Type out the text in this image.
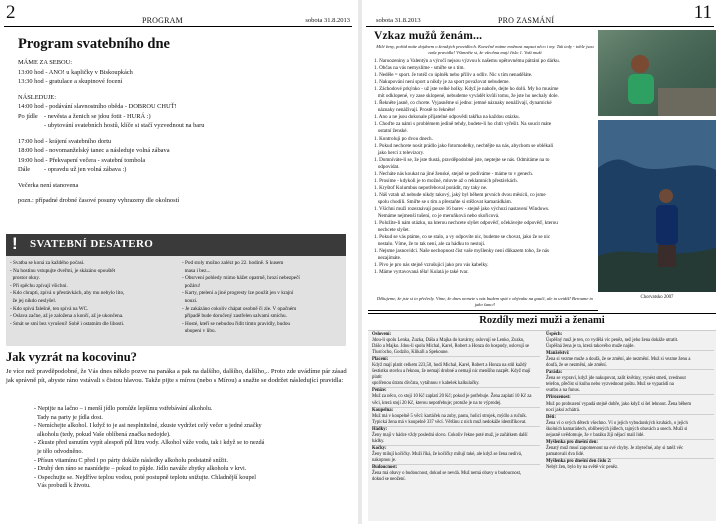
2	PROGRAM	sobota 31.8.2013
Program svatebního dne
MÁME ZA SEBOU:
13:00 hod - ANO! u kapličky v Biskoupkách
13:30 hod - gratulace a skupinové focení
NÁSLEDUJE:
14:00 hod - podávání slavnostního oběda - DOBROU CHUŤ!
Po jídle - nevěsta a ženich se jdou fotit - HURÁ :)
- ubytování svatebních hostů, klíče si stačí vyzvednout na baru
17:00 hod - krájení svatebního dortu
18:00 hod - novomanželský tanec a následuje volná zábava
19:00 hod - Překvapení večera - svatební tombola
Dále - opravdu už jen volná zábava :)
Večerka není stanovena
pozn.: případné drobné časové posuny vyhrazeny dle okolností
! SVATEBNÍ DESATERO
- Svatba se koná za každého počasí.
- Na hostinu vstupujte dveřmi, je skázáno opouštět
prostor okny.
- Při spěchu zpívají všichni.
- Kdo chrapti, zpívá o přestávkách, aby mu nebylo líto,
že jej nikdo neslyšel.
- Kdo spívá falešně, ten spívá na WC.
- Oslava začne, až je založena a končí, až je ukončena.
- Smát se smí bez vyrušení! Sobě i ostatním dle libosti.
- Pod stoly možno zalézt po 22. hodině. S kusem
masa i bez...
- Obsrvení pohledy mimo hážet opatrně, hrozí nebezpečí
požáru!
- Karty, ptelení a jiné progresty lze použít jen v krajní
nouzi.
- Je zakázáno cokoliv chápat osobně či zle. V opačném
případě bude doručený zastřelen salvami smíchu.
- Hosté, kteří se nebudou řídit tímto pravidly, budou
ubopeni v libu.
Jak vyzrát na kocovinu?

Je více než pravděpodobné, že Vás dnes někdo pozve na panáka a pak na dalšího, dalšího, dalšího,.. Proto zde uvádíme pár zásad jak správně pít, abyste ráno vstávali s čistou hlavou. Takže pijte s mírou (nebo s Mírou) a snažte se dodržet následující pravidla:

- Nepijte na lačno – i menší jídlo pomůže lepšímu vstřebávání alkoholu.
Tady na party je jídla dost.
- Nemíchejte alkohol. I když to je asi nesplnitelné, zkuste vydržet celý večer u jedné značky
alkoholu (tedy, pokud Vaše oblíbená značka nedojde).
- Zkuste před usnutím vypít alespoň půl litru vody. Alkohol váže vodu, tak i když se to nezdá
je tělo odvodněno.
- Přísun vitamínu C před i po párty dokáže následky alkoholu podstatně snížit.
- Druhý den ráno se nasnídejte – pokud to půjde. Jídlo naváže zbytky alkoholu v krvi.
- Ospechujte se. Nejdříve teplou vodou, poté postupně teplotu snižujte. Chladnější koupel
Vás probudí k životu.
sobota 31.8.2013	PRO ZASMÁNÍ	11
Vzkaz mužů ženám...

Milé ženy, pořád máte dojdnem o ženských pravidlech. Konečně máme možnost napsat něco i my. Tak tedy - tohle jsou naše pravidla! Všimněte si, že všechna mají číslo 1. Vaši muži

1. Naroozeniny a Valentýn a výročí nejsou výzvou k našemu opětovnému pátrání po dárku.
1. Občas na vás nemyslíme - smiřte se s tím.
1. Neděle = sport. Je totéž co úplněk nebo příliv a odliv. Nic s tím nenaděláte.
1. Nakupování není sport a nikdy je za sport považovat nebudeme.
1. Záchodové prkýnko - už jste velké holky. Když je nahoře, dejte ho dolů. My ho musíme
mít odklopené, vy zase sklopené, nebudeme vyvádět kvůli tomu, že jste ho nechaly dole.
1. Řekněte jasně, co chcete. Vyjasněme si jedno: jemné náznaky nenáživají, dynamické
náznaky nenáživají. Prostě to řekněte!
1. Ano a ne jsou dokonale přijatelné odpovědi takřka na každou otázku.
1. Choďte za námi s problémem jedině tehdy, budete-li ho chtít vyřešit. Na soucit máte
ostatní ženské.
1. Kontroluji po dvou dnech.
1. Pokud nechcete nosit prádlo jako fotomodelky, nechtějte na nás, abychom se oblékali
jako herci z televizory.
1. Domníváte-li se, že jste tlustá, pravděpodobně jste, neptejte se nás. Odmítáme na to
odpovídat.
1. Necháte nás koukat na jiné ženské, stejně se podíváme - máme to v genech.
1. Prosíme - kdykoli je to možné, mluvte až o reklamních přestávkách.
1. Kryštof Kolumbus nepotřeboval porádit, my taky ne.
1. Náš vztah už nebude nikdy takový, jaký byl během prvních dvou měsíců, co jsme
spolu chodili. Smiřte se s tím a přestaňte si stěžovat kamarádkám.
1. Všichni muži rozeznávají pouze 16 barev - stejně jako výchozí nastavení Windows.
Nemáme nejmenší tušení, co je meruňková nebo skořicová.
1. Položíte-li nám otázku, na kterou nechcete slyšet odpověď, očekávejte odpověď, kterou
nechcete slyšet.
1. Pokud se vás ptáme, co se stalo, a vy odpovíte nic, budeme se chovat, jako že se nic
nestalo. Víme, že to tak není, ale za hádku to nestojí.
1. Nejsme jasnovidci. Naše nechopnost číst vaše myšlenky není důkazem toho, že nás
nezajímáte.
1. Pivo je pro nás stejně vzrušující jako pro vás kabelky.
1. Máme vyrtavovaná těla! Kulatá je také tvar.

Děkujeme, že jste si to přečetly. Víme, že dnes nemete s nás budem spát v obývaku na gauči, ale to uvidíš! Beroume to jako šanci!

Chorvatsko 2007
Rozdíly mezi muži a ženami
Oslovení:
Jdou-li spolu Lenka, Zuzka, Dáša a Majka do kavárny, oslovují se Lenko, Zuzko,
Dášo a Majko. Jdou-li spolu Michal, Karel, Robert a Honza do hospody, oslovují se
Tlusťocho, Godzilo, Klikaři a Spekoune.
Placení:
Když mají platit celkem 223,50, hodí Michal, Karel, Robert a Honza na stůl každý
šestistku stovku a řeknou, že nemají drobné a nemají nic menšího nazpět. Když mají platit
spolčenou útratu dívčata, vytáhnou v kabelek kalkulačky.
Peníze:
Muž za něco, co stojí 10 Kč zaplatí 20 Kč; pokud je potřebuje. Žena zaplatí 10 Kč za
věci, která stojí 20 Kč, kterou nepotřebuje; protože je na to výprodej.
Koupelna:
Muž má v koupelně 5 věcí: kartáček na zuby, pastu, holicí strojek, mýdlo a ručník.
Typická žena má v koupelně 337 věcí. Většinu z nich muž nedokáže identifikovat.
Hádky:
Ženy mají v hádce vždy poslední slovo. Cokoliv řekne poté muž, je začátkem další
hádky.
Kočky:
Ženy milují kočičky. Muži říká, že kočičky milují také, ale když se žena nedívá, nakopnou je.
Budoucnost:
Žena má obavy o budoucnost, dokud se nevdá. Muž nemá obavy o budoucnost,
dokud se neožení.
Úspěch:
Úspěšný muž je ten, co vydělá víc peněz, než jeho žena dokáže utratit.
Úspěšná žena je ta, která takového muže najde.
Manželství:
Žena si vezme muže a doufá, že se změní, ale nezmění. Muž si vezme ženu a
doufá, že se nezmění, ale změní.
Paráda:
Žena se vypraví, když jde nakupovat, zalít květiny, vynést smetí, zvednout
telefon, přečíst si knihu nebo vyzvednout poštu. Muž se vyparádí na
svatbu a na funus.
Přirozenost:
Muž po probuzení vypadá stejně dobře, jako když si šel lehnout. Žena během
noci jaksi zchátrá.
Děti:
Žena ví o svých dětech všechno. Ví o jejich vybudarských kruhách, o jejich
školních kamarádech, oblíbených jídlech, tajných obavách a snech. Muži si
nejasně uvědomuje, že v baráku žijí nějací malí lidé.
Myšlenka pro dnešní den:
Ženatý muž musí zapomenout na své chyby. Je zbytečné, aby si tatéž věc
pamatovali dva lidé.
Myšlenka pro dnešní den číslo 2:
Nebýt žen, bylo by na světě víc peněz.
